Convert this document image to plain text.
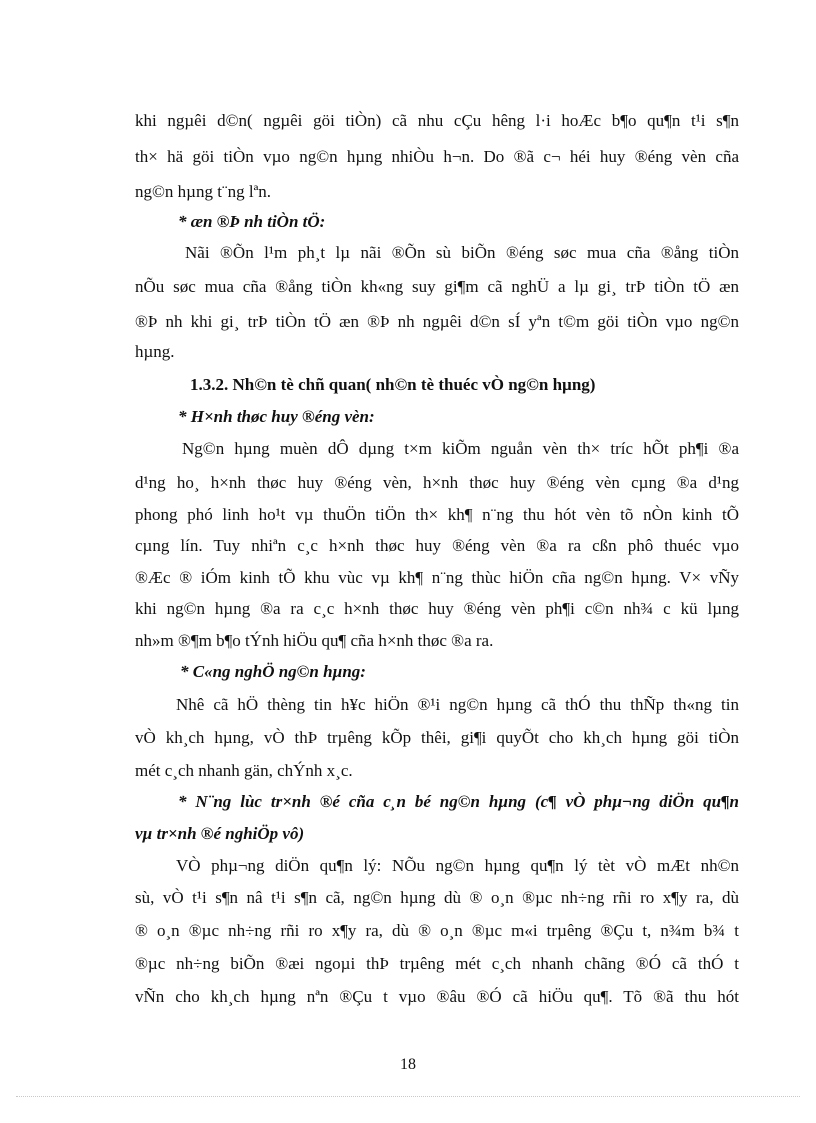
khi ngµêi d©n( ngµêi göi tiÒn) cã nhu cÇu hêng l·i hoÆc b¶o qu¶n t¹i s¶n
th× hä göi tiÒn vµo ng©n hµng nhiÒu h¬n. Do ®ã c¬ héi huy ®éng vèn cña
ng©n hµng t¨ng lªn.
* æn ®Þ nh tiÒn tÖ:
Nãi ®Õn l¹m ph¸t lµ nãi ®Õn sù biÕn ®éng søc mua cña ®ång tiÒn
nÕu søc mua cña ®ång tiÒn kh«ng suy gi¶m cã nghÜ a lµ gi¸ trÞ tiÒn tÖ æn
®Þ nh khi gi¸ trÞ tiÒn tÖ æn ®Þ nh ngµêi d©n sÍ yªn t©m göi tiÒn vµo ng©n
hµng.
1.3.2. Nh©n tè chñ quan( nh©n tè thuéc vÒ ng©n hµng)
* H×nh thøc huy ®éng vèn:
Ng©n hµng muèn dÔ dµng t×m kiÕm nguån vèn th× tríc hÕt ph¶i ®a
d¹ng ho¸ h×nh thøc huy ®éng vèn, h×nh thøc huy ®éng vèn cµng ®a d¹ng
phong phó linh ho¹t vµ thuÖn tiÖn th× kh¶ n¨ng thu hót vèn tõ nÒn kinh tÕ
cµng lín. Tuy nhiªn c¸c h×nh thøc huy ®éng vèn ®a ra cßn phô thuéc vµo
®Æc ® iÓm kinh tÕ khu vùc vµ kh¶ n¨ng thùc hiÖn cña ng©n hµng. V× vÑy
khi ng©n hµng ®a ra c¸c h×nh thøc huy ®éng vèn ph¶i c©n nh¾ c kü lµng
nh»m ®¶m b¶o tÝnh hiÖu qu¶ cña h×nh thøc ®a ra.
* C«ng nghÖ ng©n hµng:
Nhê cã hÖ thèng tin h¥c hiÖn ®¹i ng©n hµng cã thÓ thu thÑp th«ng tin
vÒ kh¸ch hµng, vÒ thÞ trµêng kÕp thêi, gi¶i quyÕt cho kh¸ch hµng göi tiÒn
mét c¸ch nhanh gän, chÝnh x¸c.
* N¨ng lùc tr×nh ®é cña c¸n bé ng©n hµng (c¶ vÒ phµ¬ng diÖn qu¶n
vµ tr×nh ®é nghiÖp vô)
VÒ phµ¬ng diÖn qu¶n lý: NÕu ng©n hµng qu¶n lý tèt vÒ mÆt nh©n
sù, vÒ t¹i s¶n nâ t¹i s¶n cã, ng©n hµng dù ® o¸n ®µc nh÷ng rñi ro x¶y ra, dù
® o¸n ®µc nh÷ng rñi ro x¶y ra, dù ® o¸n ®µc m«i trµêng ®Çu t, n¾m b¾ t
®µc nh÷ng biÕn ®æi ngoµi thÞ trµêng mét c¸ch nhanh chãng ®Ó cã thÓ t
vÑn cho kh¸ch hµng nªn ®Çu t vµo ®âu ®Ó cã hiÖu qu¶. Tõ ®ã thu hót
18
